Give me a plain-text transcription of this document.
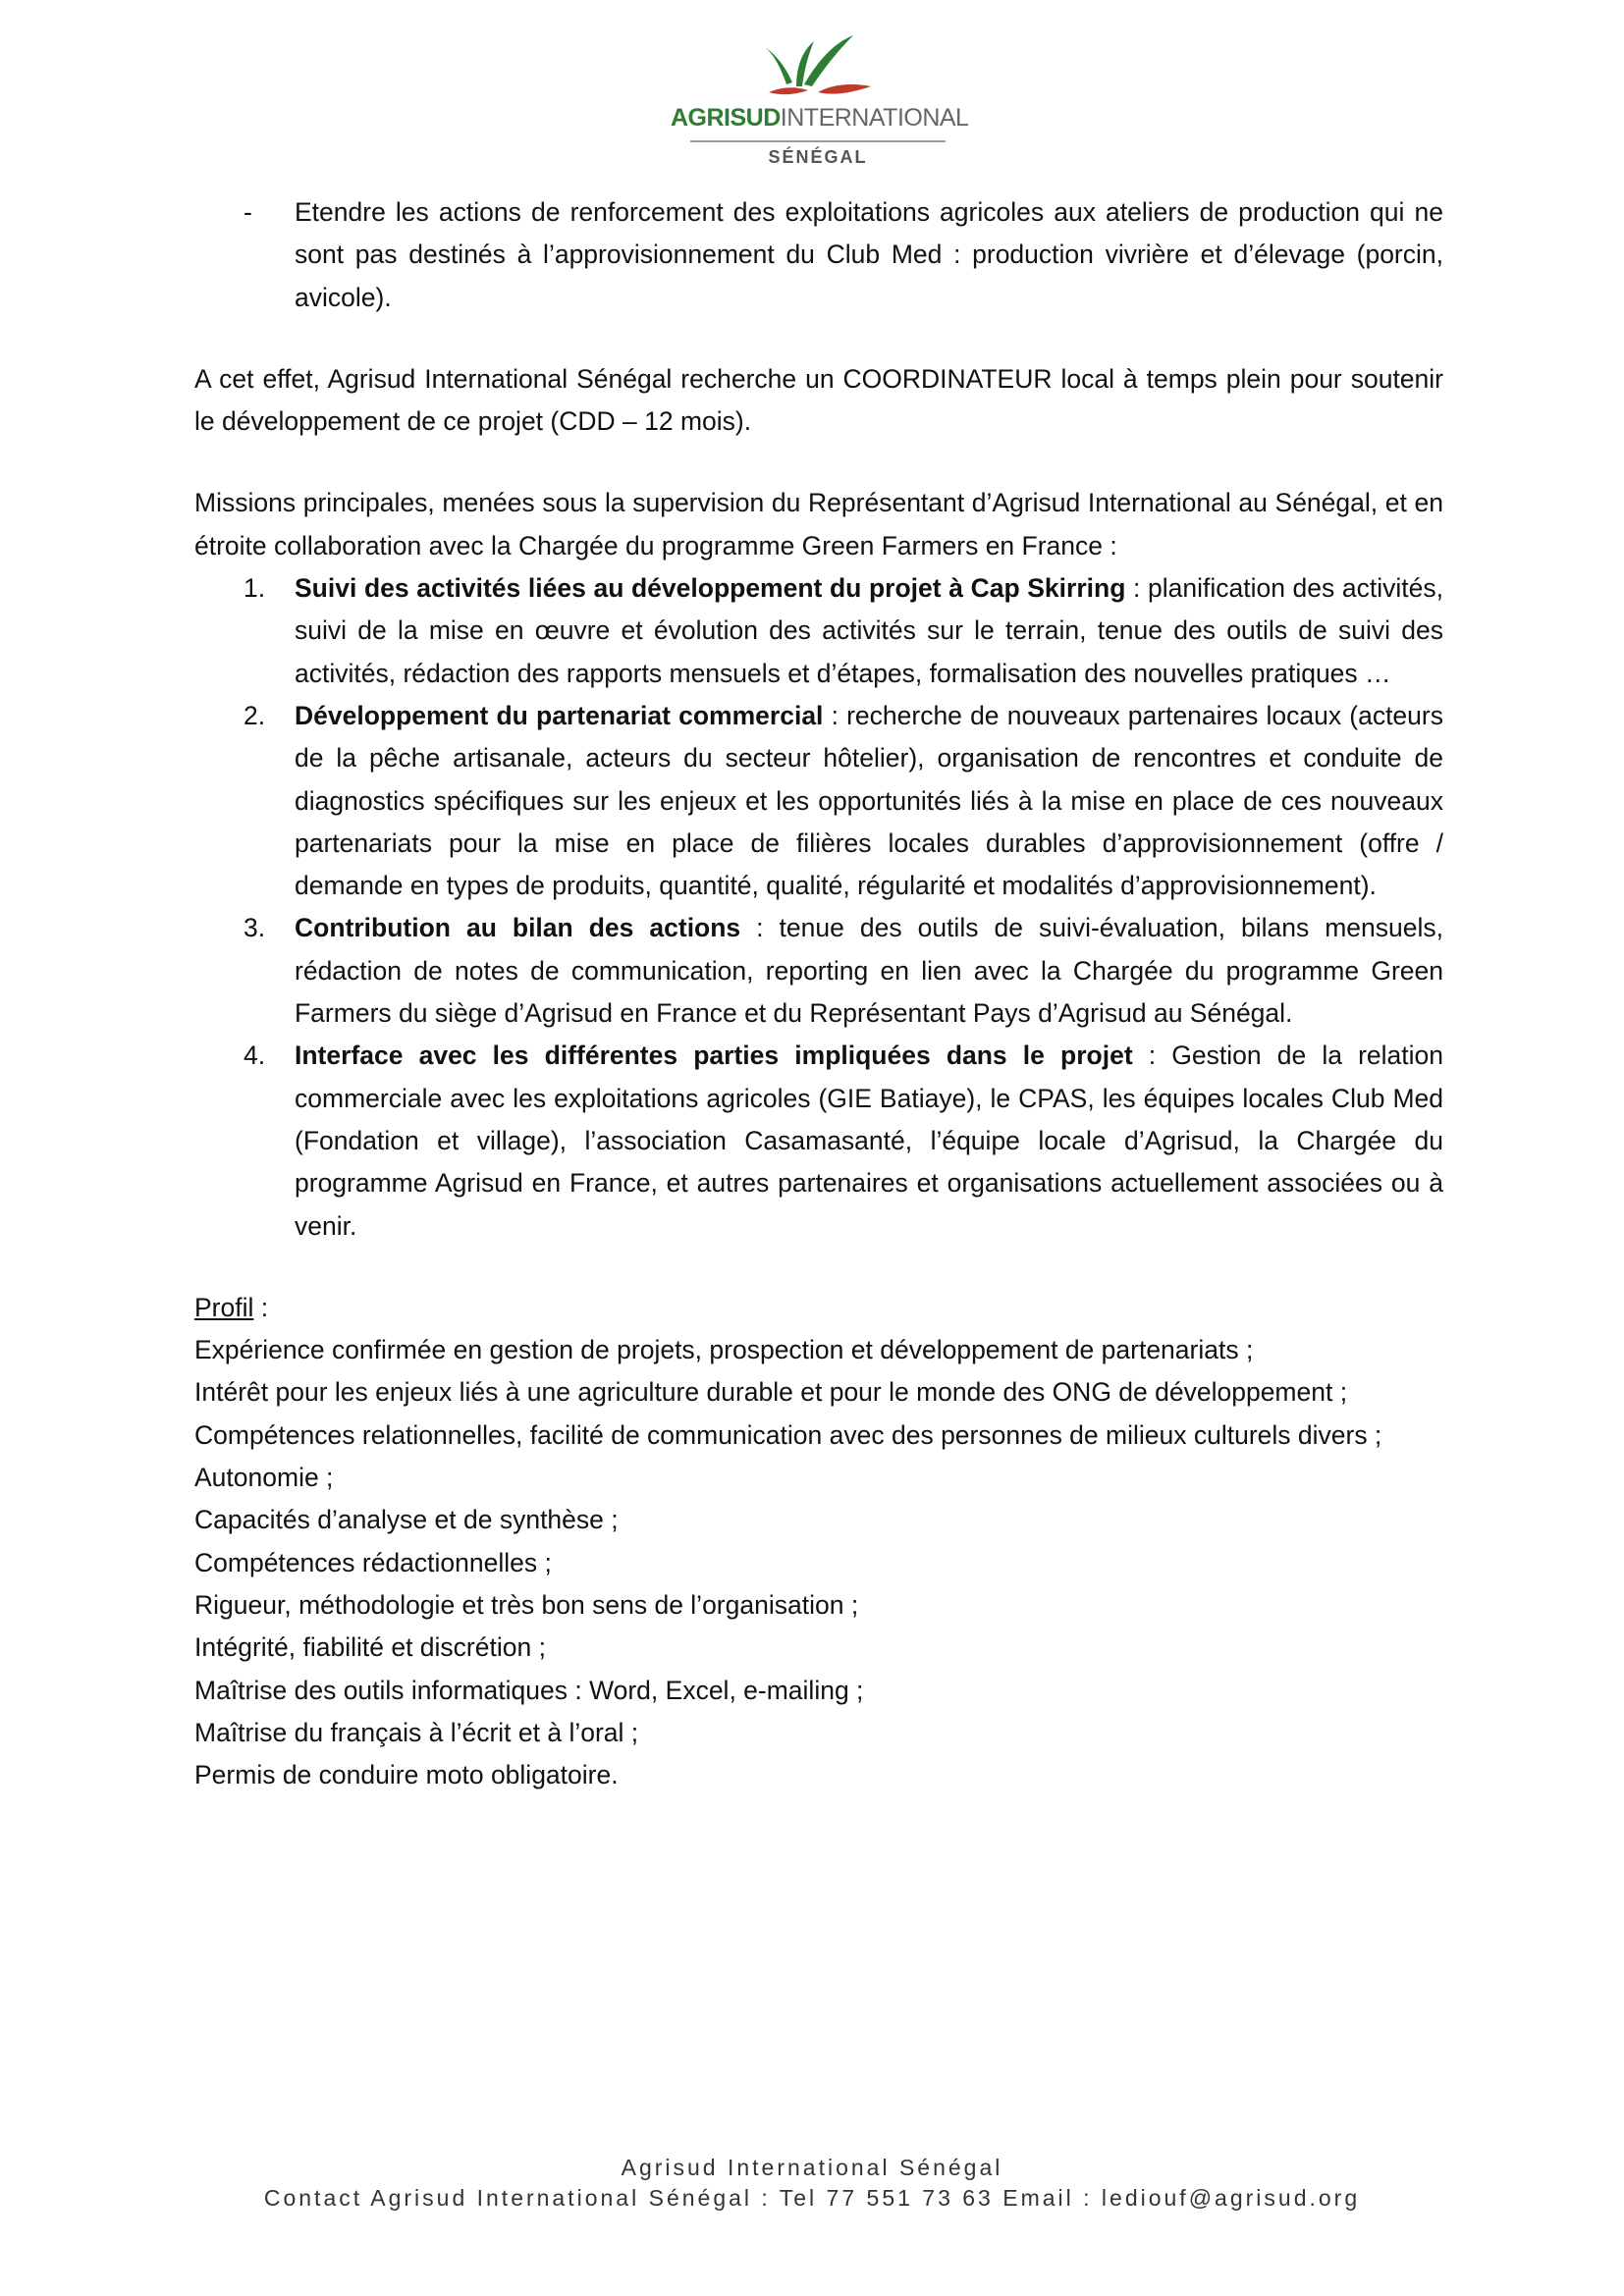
AGRISUDINTERNATIONAL
SÉNÉGAL
- Etendre les actions de renforcement des exploitations agricoles aux ateliers de production qui ne sont pas destinés à l’approvisionnement du Club Med : production vivrière et d’élevage (porcin, avicole).

A cet effet, Agrisud International Sénégal recherche un COORDINATEUR local à temps plein pour soutenir le développement de ce projet (CDD – 12 mois).

Missions principales, menées sous la supervision du Représentant d’Agrisud International au Sénégal, et en étroite collaboration avec la Chargée du programme Green Farmers en France :

1. Suivi des activités liées au développement du projet à Cap Skirring : planification des activités, suivi de la mise en œuvre et évolution des activités sur le terrain, tenue des outils de suivi des activités, rédaction des rapports mensuels et d’étapes, formalisation des nouvelles pratiques …
2. Développement du partenariat commercial : recherche de nouveaux partenaires locaux (acteurs de la pêche artisanale, acteurs du secteur hôtelier), organisation de rencontres et conduite de diagnostics spécifiques sur les enjeux et les opportunités liés à la mise en place de ces nouveaux partenariats pour la mise en place de filières locales durables d’approvisionnement (offre / demande en types de produits, quantité, qualité, régularité et modalités d’approvisionnement).
3. Contribution au bilan des actions : tenue des outils de suivi-évaluation, bilans mensuels, rédaction de notes de communication, reporting en lien avec la Chargée du programme Green Farmers du siège d’Agrisud en France et du Représentant Pays d’Agrisud au Sénégal.
4. Interface avec les différentes parties impliquées dans le projet : Gestion de la relation commerciale avec les exploitations agricoles (GIE Batiaye), le CPAS, les équipes locales Club Med (Fondation et village), l’association Casamasanté, l’équipe locale d’Agrisud, la Chargée du programme Agrisud en France, et autres partenaires et organisations actuellement associées ou à venir.

Profil :

Expérience confirmée en gestion de projets, prospection et développement de partenariats ;

Intérêt pour les enjeux liés à une agriculture durable et pour le monde des ONG de développement ;

Compétences relationnelles, facilité de communication avec des personnes de milieux culturels divers ;

Autonomie ;

Capacités d’analyse et de synthèse ;

Compétences rédactionnelles ;

Rigueur, méthodologie et très bon sens de l’organisation ;

Intégrité, fiabilité et discrétion ;

Maîtrise des outils informatiques : Word, Excel, e-mailing ;

Maîtrise du français à l’écrit et à l’oral ;

Permis de conduire moto obligatoire.

Agrisud International Sénégal
Contact Agrisud International Sénégal : Tel 77 551 73 63 Email : lediouf@agrisud.org
